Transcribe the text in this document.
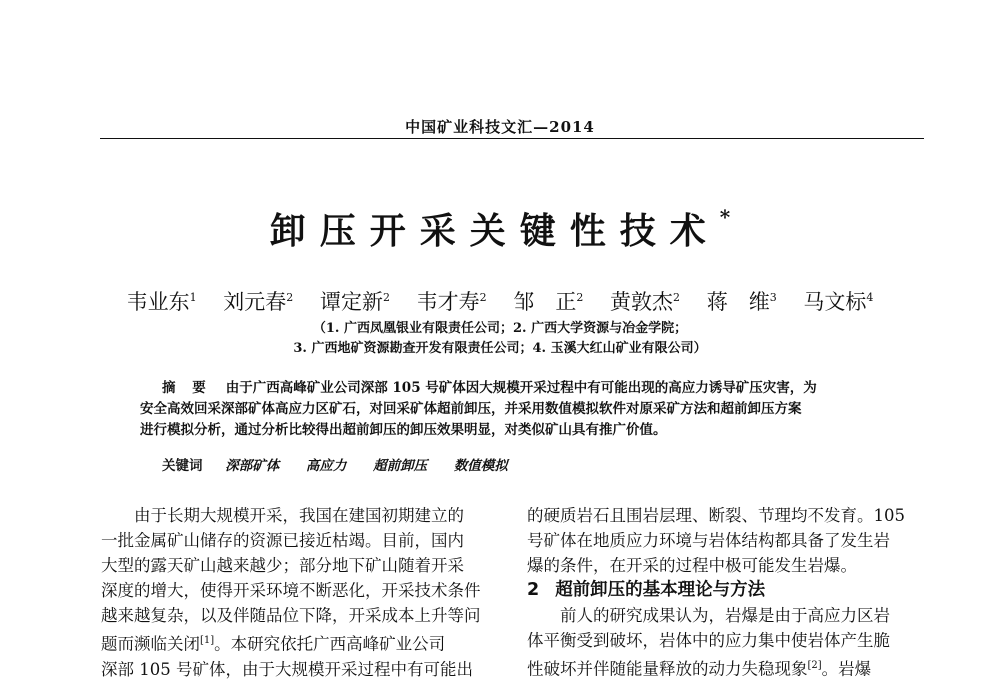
中国矿业科技文汇—2014
卸压开采关键性技术*
韦业东$^1$ 刘元春$^2$ 谭定新$^2$ 韦才寿$^2$ 邹　正$^2$ 黄敦杰$^2$ 蒋　维$^3$ 马文标$^4$
（1. 广西凤凰银业有限责任公司；2. 广西大学资源与冶金学院；
3. 广西地矿资源勘查开发有限责任公司；4. 玉溪大红山矿业有限公司）
摘 要 由于广西高峰矿业公司深部 105 号矿体因大规模开采过程中有可能出现的高应力诱导矿压灾害，为
安全高效回采深部矿体高应力区矿石，对回采矿体超前卸压，并采用数值模拟软件对原采矿方法和超前卸压方案
进行模拟分析，通过分析比较得出超前卸压的卸压效果明显，对类似矿山具有推广价值。
关键词 深部矿体 高应力 超前卸压 数值模拟
由于长期大规模开采，我国在建国初期建立的
一批金属矿山储存的资源已接近枯竭。目前，国内
大型的露天矿山越来越少；部分地下矿山随着开采
深度的增大，使得开采环境不断恶化，开采技术条件
越来越复杂，以及伴随品位下降，开采成本上升等问
题而濒临关闭[1]。本研究依托广西高峰矿业公司
深部 105 号矿体，由于大规模开采过程中有可能出
的硬质岩石且围岩层理、断裂、节理均不发育。105
号矿体在地质应力环境与岩体结构都具备了发生岩
爆的条件，在开采的过程中极可能发生岩爆。
2 超前卸压的基本理论与方法
前人的研究成果认为，岩爆是由于高应力区岩
体平衡受到破坏，岩体中的应力集中使岩体产生脆
性破坏并伴随能量释放的动力失稳现象[2]。岩爆
